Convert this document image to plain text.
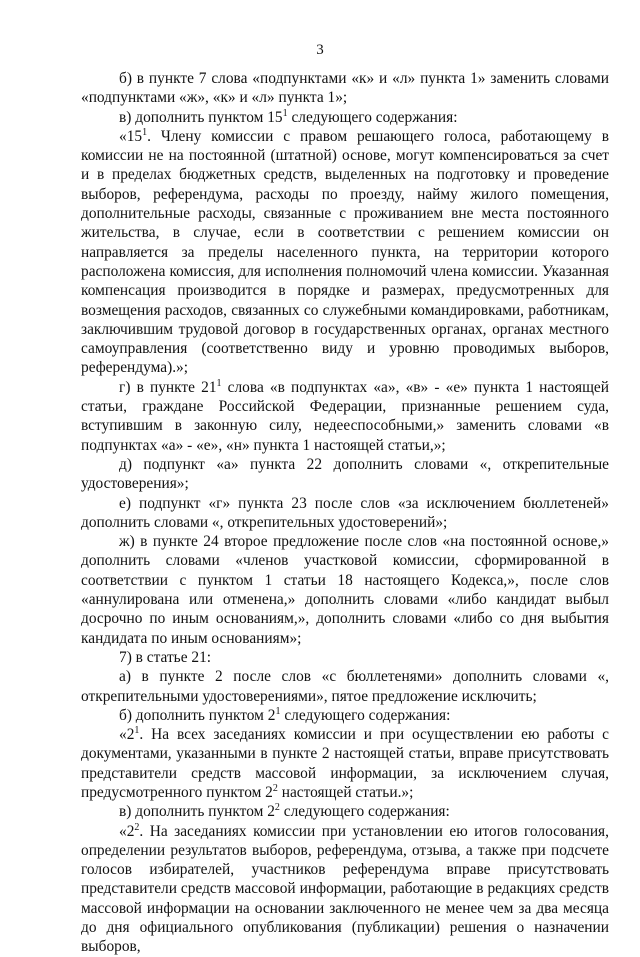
3

б) в пункте 7 слова «подпунктами «к» и «л» пункта 1» заменить словами «подпунктами «ж», «к» и «л» пункта 1»;

в) дополнить пунктом $15^1$ следующего содержания:

«$15^1$. Члену комиссии с правом решающего голоса, работающему в комиссии не на постоянной (штатной) основе, могут компенсироваться за счет и в пределах бюджетных средств, выделенных на подготовку и проведение выборов, референдума, расходы по проезду, найму жилого помещения, дополнительные расходы, связанные с проживанием вне места постоянного жительства, в случае, если в соответствии с решением комиссии он направляется за пределы населенного пункта, на территории которого расположена комиссия, для исполнения полномочий члена комиссии. Указанная компенсация производится в порядке и размерах, предусмотренных для возмещения расходов, связанных со служебными командировками, работникам, заключившим трудовой договор в государственных органах, органах местного самоуправления (соответственно виду и уровню проводимых выборов, референдума).»;

г) в пункте $21^1$ слова «в подпунктах «а», «в» - «е» пункта 1 настоящей статьи, граждане Российской Федерации, признанные решением суда, вступившим в законную силу, недееспособными,» заменить словами «в подпунктах «а» - «е», «н» пункта 1 настоящей статьи,»;

д) подпункт «а» пункта 22 дополнить словами «, открепительные удостоверения»;

е) подпункт «г» пункта 23 после слов «за исключением бюллетеней» дополнить словами «, открепительных удостоверений»;

ж) в пункте 24 второе предложение после слов «на постоянной основе,» дополнить словами «членов участковой комиссии, сформированной в соответствии с пунктом 1 статьи 18 настоящего Кодекса,», после слов «аннулирована или отменена,» дополнить словами «либо кандидат выбыл досрочно по иным основаниям,», дополнить словами «либо со дня выбытия кандидата по иным основаниям»;

7) в статье 21:

а) в пункте 2 после слов «с бюллетенями» дополнить словами «, открепительными удостоверениями», пятое предложение исключить;

б) дополнить пунктом $2^1$ следующего содержания:

«$2^1$. На всех заседаниях комиссии и при осуществлении ею работы с документами, указанными в пункте 2 настоящей статьи, вправе присутствовать представители средств массовой информации, за исключением случая, предусмотренного пунктом $2^2$ настоящей статьи.»;

в) дополнить пунктом $2^2$ следующего содержания:

«$2^2$. На заседаниях комиссии при установлении ею итогов голосования, определении результатов выборов, референдума, отзыва, а также при подсчете голосов избирателей, участников референдума вправе присутствовать представители средств массовой информации, работающие в редакциях средств массовой информации на основании заключенного не менее чем за два месяца до дня официального опубликования (публикации) решения о назначении выборов,
